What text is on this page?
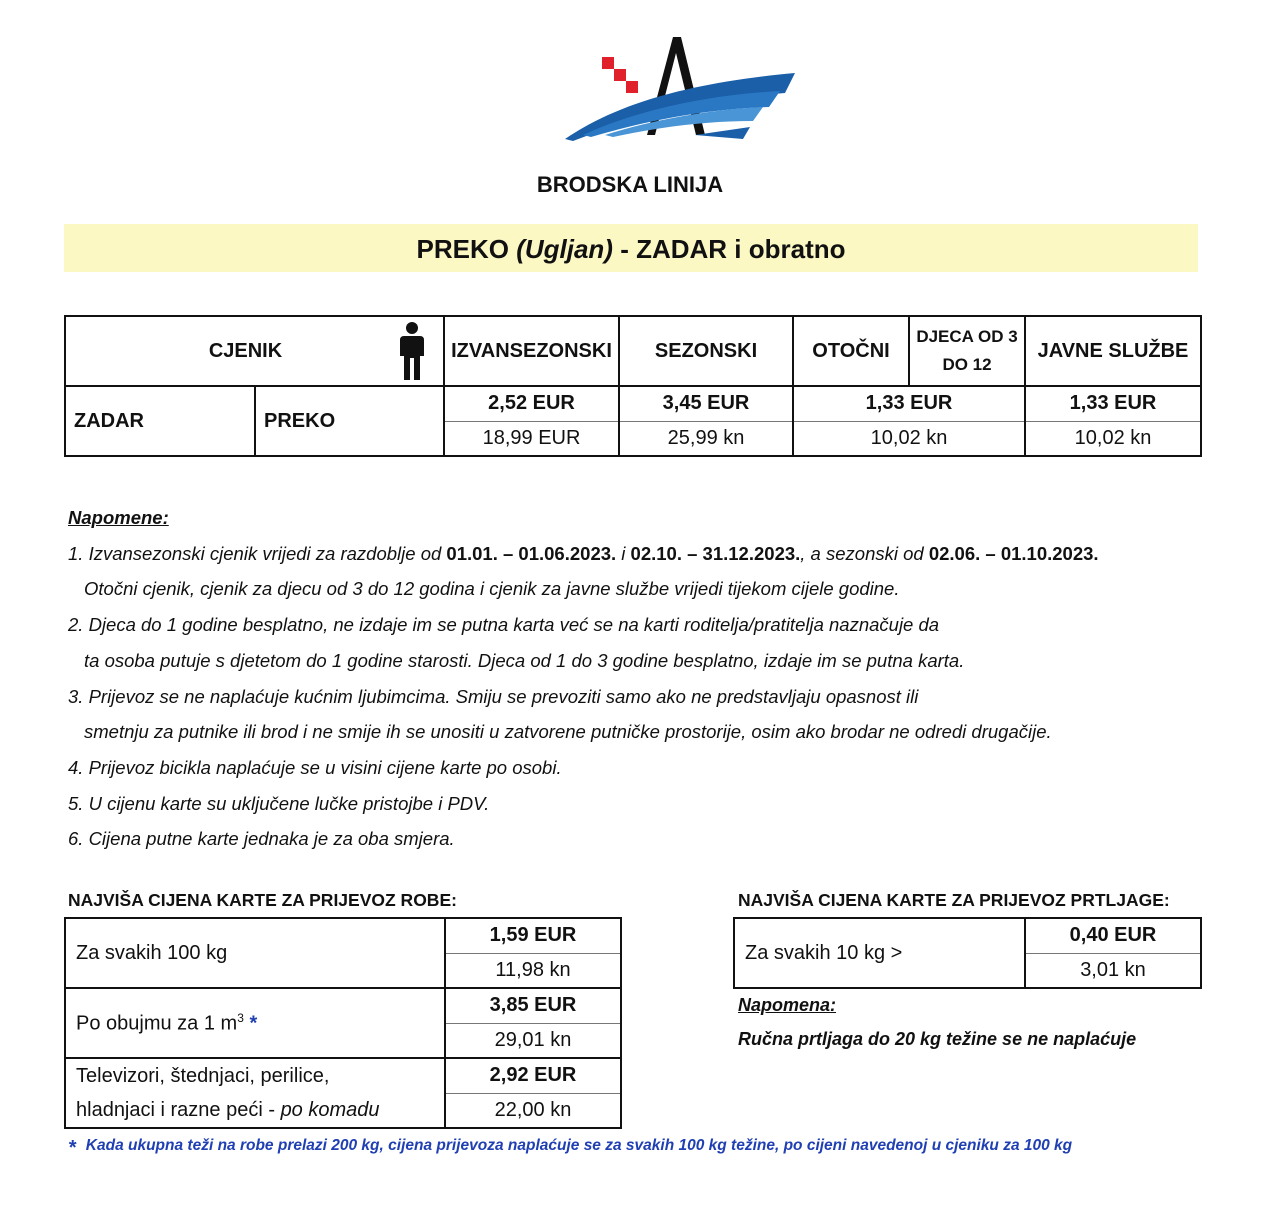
BRODSKA LINIJA
PREKO (Ugljan) - ZADAR i obratno
CJENIK		IZVANSEZONSKI	SEZONSKI	OTOČNI	DJECA OD 3 DO 12	JAVNE SLUŽBE
ZADAR	PREKO	2,52 EUR	3,45 EUR	1,33 EUR		1,33 EUR
		18,99 EUR	25,99 kn	10,02 kn		10,02 kn
Napomene:
1. Izvansezonski cjenik vrijedi za razdoblje od 01.01. – 01.06.2023. i 02.10. – 31.12.2023., a sezonski od 02.06. – 01.10.2023.
Otočni cjenik, cjenik za djecu od 3 do 12 godina i cjenik za javne službe vrijedi tijekom cijele godine.
2. Djeca do 1 godine besplatno, ne izdaje im se putna karta već se na karti roditelja/pratitelja naznačuje da
ta osoba putuje s djetetom do 1 godine starosti. Djeca od 1 do 3 godine besplatno, izdaje im se putna karta.
3. Prijevoz se ne naplaćuje kućnim ljubimcima. Smiju se prevoziti samo ako ne predstavljaju opasnost ili
smetnju za putnike ili brod i ne smije ih se unositi u zatvorene putničke prostorije, osim ako brodar ne odredi drugačije.
4. Prijevoz bicikla naplaćuje se u visini cijene karte po osobi.
5. U cijenu karte su uključene lučke pristojbe i PDV.
6. Cijena putne karte jednaka je za oba smjera.
NAJVIŠA CIJENA KARTE ZA PRIJEVOZ ROBE:
Za svakih 100 kg	1,59 EUR
	11,98 kn
Po obujmu za 1 $m^3$ *	3,85 EUR
	29,01 kn

Televizori, štednjaci, perilice,
hladnjaci i razne peći - po komadu	2,92 EUR
	22,00 kn
NAJVIŠA CIJENA KARTE ZA PRIJEVOZ PRTLJAGE:
Za svakih 10 kg >	0,40 EUR
3,01 kn
Napomena:
Ručna prtljaga do 20 kg težine se ne naplaćuje
* Kada ukupna teži na robe prelazi 200 kg, cijena prijevoza naplaćuje se za svakih 100 kg težine, po cijeni navedenoj u cjeniku za 100 kg
